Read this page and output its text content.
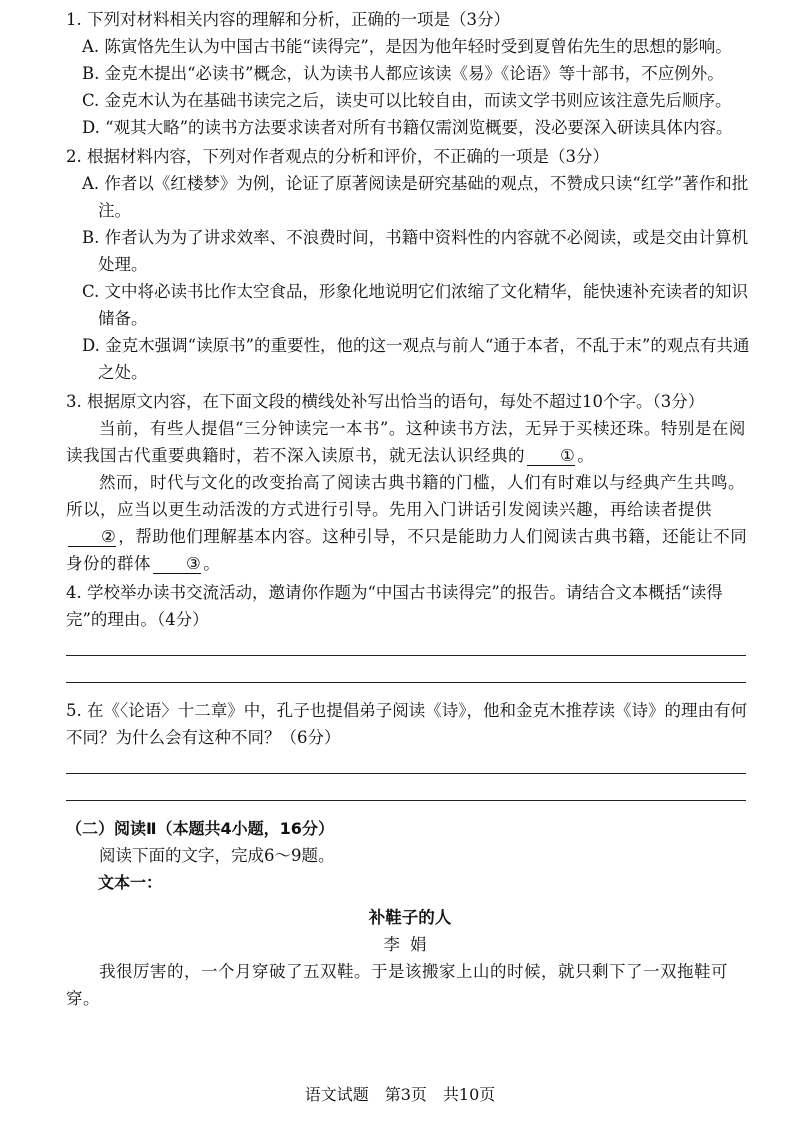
1. 下列对材料相关内容的理解和分析，正确的一项是（3分）
A. 陈寅恪先生认为中国古书能“读得完”，是因为他年轻时受到夏曾佑先生的思想的影响。
B. 金克木提出“必读书”概念，认为读书人都应该读《易》《论语》等十部书，不应例外。
C. 金克木认为在基础书读完之后，读史可以比较自由，而读文学书则应该注意先后顺序。
D. “观其大略”的读书方法要求读者对所有书籍仅需浏览概要，没必要深入研读具体内容。
2. 根据材料内容，下列对作者观点的分析和评价，不正确的一项是（3分）
A. 作者以《红楼梦》为例，论证了原著阅读是研究基础的观点，不赞成只读“红学”著作和批注。
B. 作者认为为了讲求效率、不浪费时间，书籍中资料性的内容就不必阅读，或是交由计算机处理。
C. 文中将必读书比作太空食品，形象化地说明它们浓缩了文化精华，能快速补充读者的知识储备。
D. 金克木强调“读原书”的重要性，他的这一观点与前人“通于本者，不乱于末”的观点有共通之处。
3. 根据原文内容，在下面文段的横线处补写出恰当的语句，每处不超过10个字。（3分）
当前，有些人提倡“三分钟读完一本书”。这种读书方法，无异于买椟还珠。特别是在阅读我国古代重要典籍时，若不深入读原书，就无法认识经典的 ① 。
然而，时代与文化的改变抬高了阅读古典书籍的门槛，人们有时难以与经典产生共鸣。所以，应当以更生动活泼的方式进行引导。先用入门讲话引发阅读兴趣，再给读者提供② ，帮助他们理解基本内容。这种引导，不只是能助力人们阅读古典书籍，还能让不同身份的群体 ③ 。
4. 学校举办读书交流活动，邀请你作题为“中国古书读得完”的报告。请结合文本概括“读得完”的理由。（4分）
5. 在《〈论语〉十二章》中，孔子也提倡弟子阅读《诗》，他和金克木推荐读《诗》的理由有何不同？为什么会有这种不同？（6分）
（二）阅读Ⅱ（本题共4小题，16分）
阅读下面的文字，完成6～9题。
文本一：
补鞋子的人
李娟
我很厉害的，一个月穿破了五双鞋。于是该搬家上山的时候，就只剩下了一双拖鞋可穿。
语文试题　第3页　共10页
